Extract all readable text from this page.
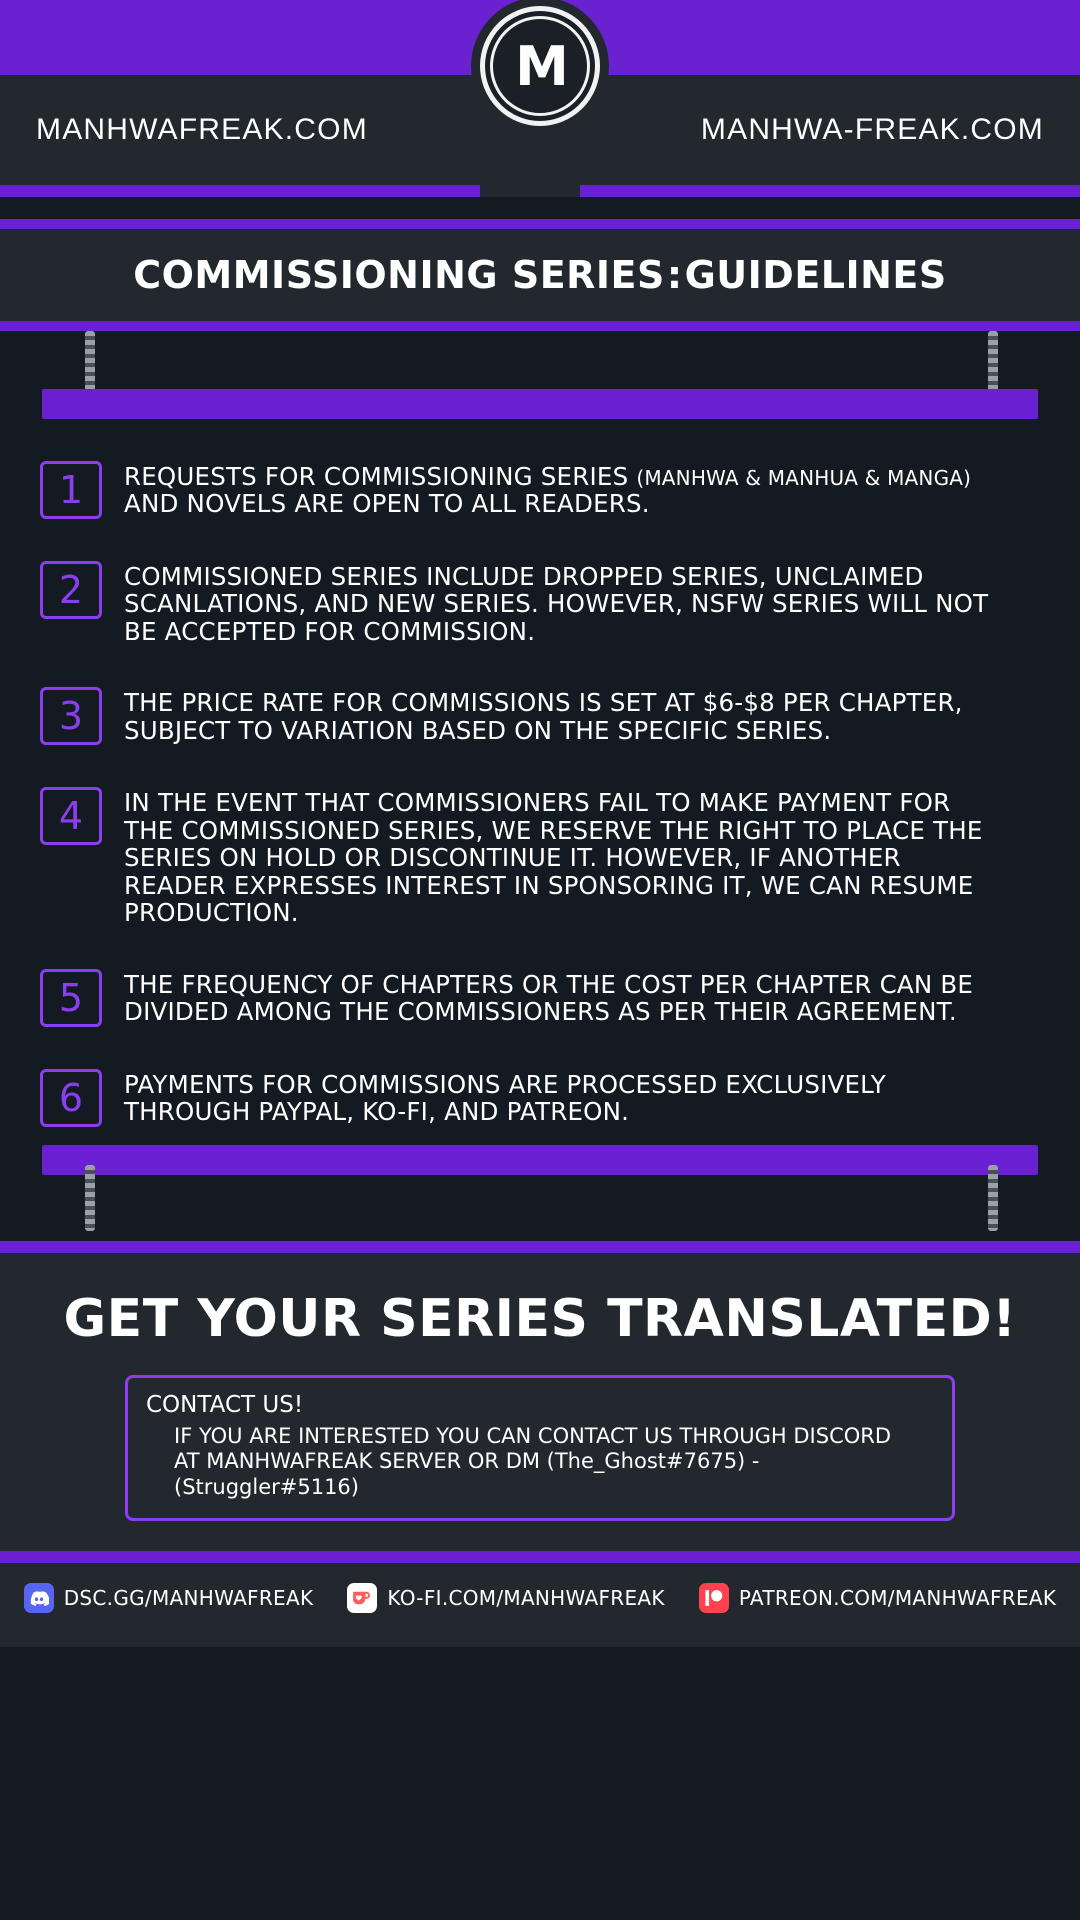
MANHWAFREAK.COM	MANHWA-FREAK.COM
M
COMMISSIONING SERIES:GUIDELINES
1 REQUESTS FOR COMMISSIONING SERIES (MANHWA & MANHUA & MANGA) AND NOVELS ARE OPEN TO ALL READERS.
2 COMMISSIONED SERIES INCLUDE DROPPED SERIES, UNCLAIMED SCANLATIONS, AND NEW SERIES. HOWEVER, NSFW SERIES WILL NOT BE ACCEPTED FOR COMMISSION.
3 THE PRICE RATE FOR COMMISSIONS IS SET AT $6-$8 PER CHAPTER, SUBJECT TO VARIATION BASED ON THE SPECIFIC SERIES.
4 IN THE EVENT THAT COMMISSIONERS FAIL TO MAKE PAYMENT FOR THE COMMISSIONED SERIES, WE RESERVE THE RIGHT TO PLACE THE SERIES ON HOLD OR DISCONTINUE IT. HOWEVER, IF ANOTHER READER EXPRESSES INTEREST IN SPONSORING IT, WE CAN RESUME PRODUCTION.
5 THE FREQUENCY OF CHAPTERS OR THE COST PER CHAPTER CAN BE DIVIDED AMONG THE COMMISSIONERS AS PER THEIR AGREEMENT.
6 PAYMENTS FOR COMMISSIONS ARE PROCESSED EXCLUSIVELY THROUGH PAYPAL, KO-FI, AND PATREON.
GET YOUR SERIES TRANSLATED!
CONTACT US!
IF YOU ARE INTERESTED YOU CAN CONTACT US THROUGH DISCORD
AT MANHWAFREAK SERVER OR DM (The_Ghost#7675) - (Struggler#5116)
DSC.GG/MANHWAFREAK	KO-FI.COM/MANHWAFREAK	PATREON.COM/MANHWAFREAK
